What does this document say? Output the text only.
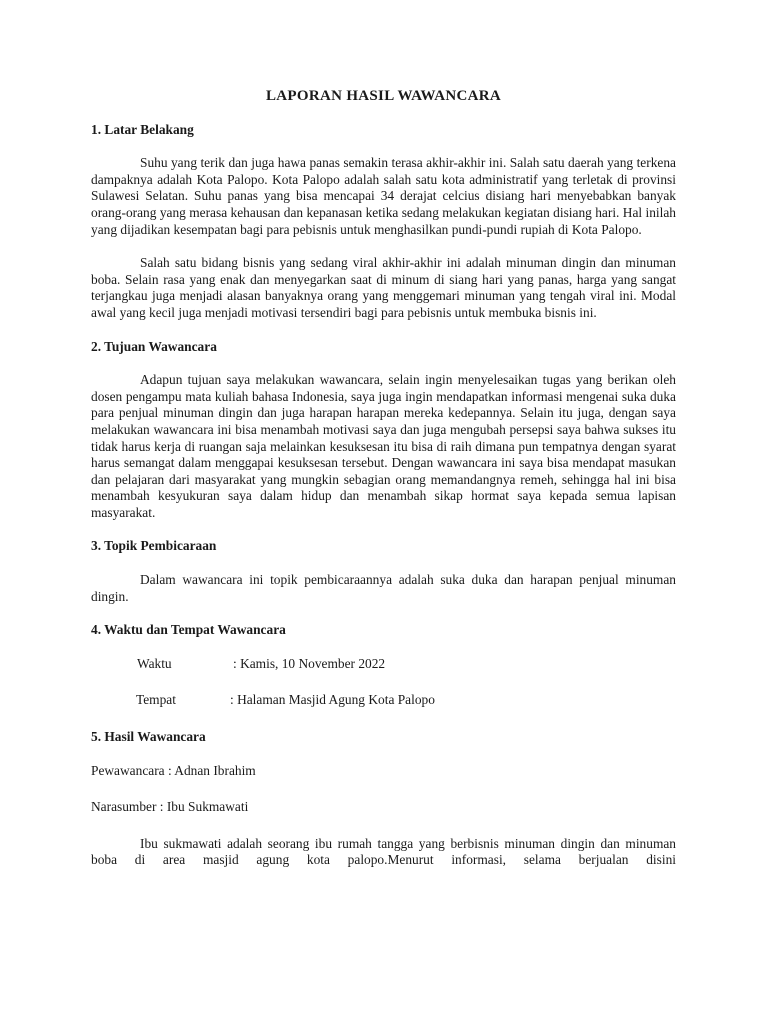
LAPORAN HASIL WAWANCARA
1. Latar Belakang
Suhu yang terik dan juga hawa panas semakin terasa akhir-akhir ini. Salah satu daerah yang terkena dampaknya adalah Kota Palopo. Kota Palopo adalah salah satu kota administratif yang terletak di provinsi Sulawesi Selatan. Suhu panas yang bisa mencapai 34 derajat celcius disiang hari menyebabkan banyak orang-orang yang merasa kehausan dan kepanasan ketika sedang melakukan kegiatan disiang hari. Hal inilah yang dijadikan kesempatan bagi para pebisnis untuk menghasilkan pundi-pundi rupiah di Kota Palopo.
Salah satu bidang bisnis yang sedang viral akhir-akhir ini adalah minuman dingin dan minuman boba. Selain rasa yang enak dan menyegarkan saat di minum di siang hari yang panas, harga yang sangat terjangkau juga menjadi alasan banyaknya orang yang menggemari minuman yang tengah viral ini. Modal awal yang kecil juga menjadi motivasi tersendiri bagi para pebisnis untuk membuka bisnis ini.
2. Tujuan Wawancara
Adapun tujuan saya melakukan wawancara, selain ingin menyelesaikan tugas yang berikan oleh dosen pengampu mata kuliah bahasa Indonesia, saya juga ingin mendapatkan informasi mengenai suka duka para penjual minuman dingin dan juga harapan harapan mereka kedepannya. Selain itu juga, dengan saya melakukan wawancara ini bisa menambah motivasi saya dan juga mengubah persepsi saya bahwa sukses itu tidak harus kerja di ruangan saja melainkan kesuksesan itu bisa di raih dimana pun tempatnya dengan syarat harus semangat dalam menggapai kesuksesan tersebut. Dengan wawancara ini saya bisa mendapat masukan dan pelajaran dari masyarakat yang mungkin sebagian orang memandangnya remeh, sehingga hal ini bisa menambah kesyukuran saya dalam hidup dan menambah sikap hormat saya kepada semua lapisan masyarakat.
3. Topik Pembicaraan
Dalam wawancara ini topik pembicaraannya adalah suka duka dan harapan penjual minuman dingin.
4. Waktu dan Tempat Wawancara
Waktu	: Kamis, 10 November 2022
Tempat	: Halaman Masjid Agung Kota Palopo
5. Hasil Wawancara
Pewawancara : Adnan Ibrahim
Narasumber : Ibu Sukmawati
Ibu sukmawati adalah seorang ibu rumah tangga yang berbisnis minuman dingin dan minuman boba di area masjid agung kota palopo.Menurut informasi, selama berjualan disini
